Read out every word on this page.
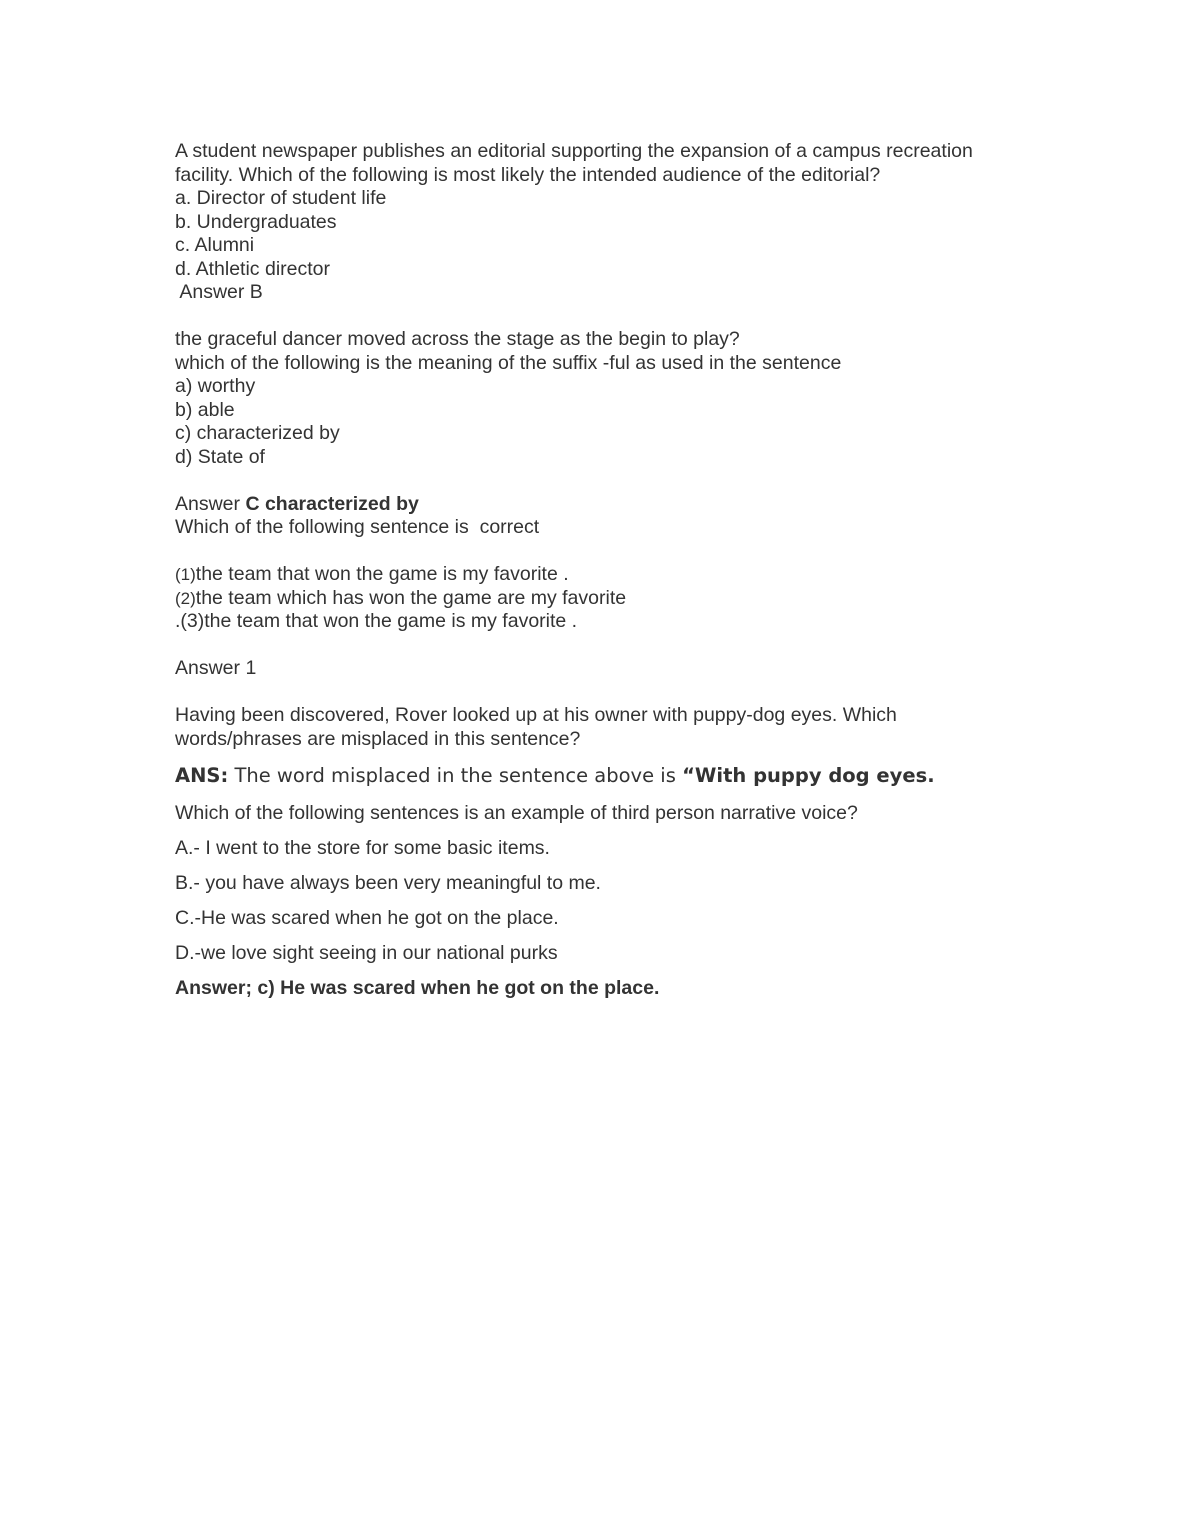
A student newspaper publishes an editorial supporting the expansion of a campus recreation
facility. Which of the following is most likely the intended audience of the editorial?
a. Director of student life
b. Undergraduates
c. Alumni
d. Athletic director
Answer B
the graceful dancer moved across the stage as the begin to play?
which of the following is the meaning of the suffix -ful as used in the sentence
a) worthy
b) able
c) characterized by
d) State of
Answer C characterized by
Which of the following sentence is  correct
(1)the team that won the game is my favorite .
(2)the team which has won the game are my favorite
.(3)the team that won the game is my favorite .
Answer 1
Having been discovered, Rover looked up at his owner with puppy-dog eyes. Which
words/phrases are misplaced in this sentence?
ANS: The word misplaced in the sentence above is “With puppy dog eyes.
Which of the following sentences is an example of third person narrative voice?
A.- I went to the store for some basic items.
B.- you have always been very meaningful to me.
C.-He was scared when he got on the place.
D.-we love sight seeing in our national purks
Answer; c) He was scared when he got on the place.
